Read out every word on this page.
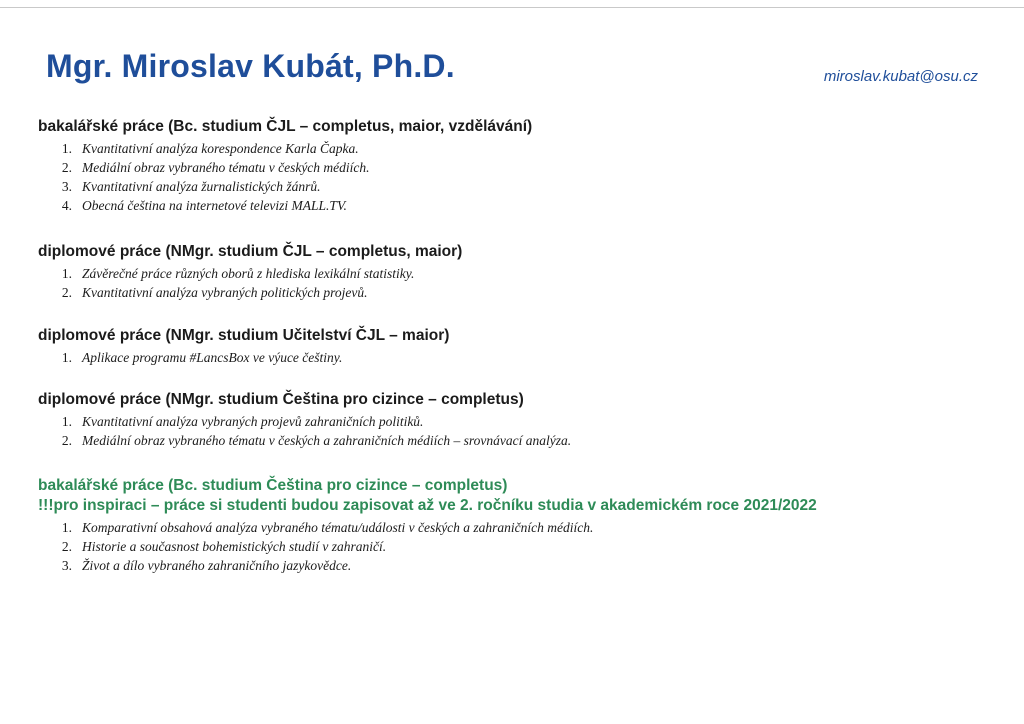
Mgr. Miroslav Kubát, Ph.D.	miroslav.kubat@osu.cz
bakalářské práce (Bc. studium ČJL – completus, maior, vzdělávání)
1. Kvantitativní analýza korespondence Karla Čapka.
2. Mediální obraz vybraného tématu v českých médiích.
3. Kvantitativní analýza žurnalistických žánrů.
4. Obecná čeština na internetové televizi MALL.TV.
diplomové práce (NMgr. studium ČJL – completus, maior)
1. Závěrečné práce různých oborů z hlediska lexikální statistiky.
2. Kvantitativní analýza vybraných politických projevů.
diplomové práce (NMgr. studium Učitelství ČJL – maior)
1. Aplikace programu #LancsBox ve výuce češtiny.
diplomové práce (NMgr. studium Čeština pro cizince – completus)
1. Kvantitativní analýza vybraných projevů zahraničních politiků.
2. Mediální obraz vybraného tématu v českých a zahraničních médiích – srovnávací analýza.
bakalářské práce (Bc. studium Čeština pro cizince – completus)
!!!pro inspiraci – práce si studenti budou zapisovat až ve 2. ročníku studia v akademickém roce 2021/2022
1. Komparativní obsahová analýza vybraného tématu/události v českých a zahraničních médiích.
2. Historie a současnost bohemistických studií v zahraničí.
3. Život a dílo vybraného zahraničního jazykovědce.
